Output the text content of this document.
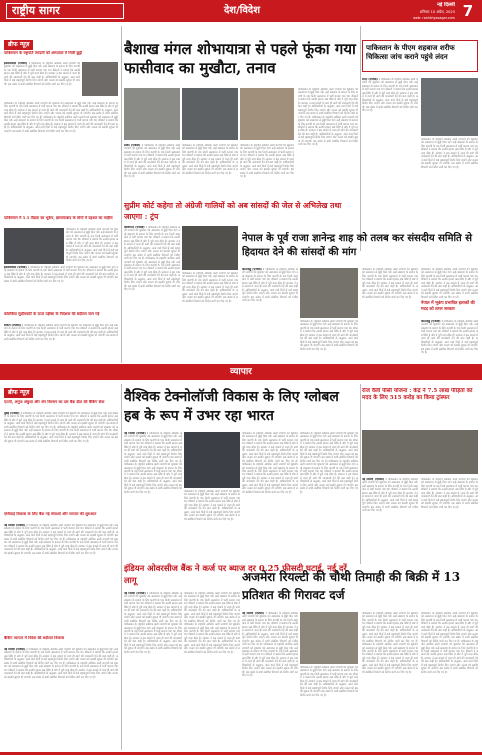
राष्ट्रीय सागर	देश/विदेश	नई दिल्ली
शनिवार 10 अप्रैल, 2025
web: rashtriyasagar.com 7
ब्रीफ न्यूज़
पाकिस्तान के राष्ट्रपति जरदारी को अस्पताल में मिली छुट्टी
इस्लामाबाद (एजेंसी) : पाकिस्तान के राष्ट्रपति आसिफ अली जरदारी को शुक्रवार को अस्पताल से छुट्टी मिल गई। उन्हें संक्रमण के इलाज के लिए कराची के एक निजी अस्पताल में भर्ती कराया गया था। डॉक्टरों ने बताया कि उनकी हालत अब स्थिर है और वे पूरी तरह ठीक हैं। सरकार ने इस मामले में जल्द ही आगे की जानकारी देने की बात कही है। अधिकारियों के अनुसार, आने वाले दिनों में कई महत्वपूर्ण निर्णय लिए जाएंगे और जनता को इसकी सूचना दी जाएगी। इस संबंध में सभी संबंधित विभागों को निर्देश जारी कर दिए गए हैं।
पाकिस्तान के राष्ट्रपति आसिफ अली जरदारी को शुक्रवार को अस्पताल से छुट्टी मिल गई। उन्हें संक्रमण के इलाज के लिए कराची के एक निजी अस्पताल में भर्ती कराया गया था। डॉक्टरों ने बताया कि उनकी हालत अब स्थिर है और वे पूरी तरह ठीक हैं। सरकार ने इस मामले में जल्द ही आगे की जानकारी देने की बात कही है। अधिकारियों के अनुसार, आने वाले दिनों में कई महत्वपूर्ण निर्णय लिए जाएंगे और जनता को इसकी सूचना दी जाएगी। इस संबंध में सभी संबंधित विभागों को निर्देश जारी कर दिए गए हैं। पाकिस्तान के राष्ट्रपति आसिफ अली जरदारी को शुक्रवार को अस्पताल से छुट्टी मिल गई। उन्हें संक्रमण के इलाज के लिए कराची के एक निजी अस्पताल में भर्ती कराया गया था। डॉक्टरों ने बताया कि उनकी हालत अब स्थिर है और वे पूरी तरह ठीक हैं। सरकार ने इस मामले में जल्द ही आगे की जानकारी देने की बात कही है। अधिकारियों के अनुसार, आने वाले दिनों में कई महत्वपूर्ण निर्णय लिए जाएंगे और जनता को इसकी सूचना दी जाएगी। इस संबंध में सभी संबंधित विभागों को निर्देश जारी कर दिए गए हैं।
पाकिस्तान में 5.5 तीव्रता का भूकंप, इस्लामाबाद के लोगों में दहशत का माहौल
पाकिस्तान के राष्ट्रपति आसिफ अली जरदारी को शुक्रवार को अस्पताल से छुट्टी मिल गई। उन्हें संक्रमण के इलाज के लिए कराची के एक निजी अस्पताल में भर्ती कराया गया था। डॉक्टरों ने बताया कि उनकी हालत अब स्थिर है और वे पूरी तरह ठीक हैं। सरकार ने इस मामले में जल्द ही आगे की जानकारी देने की बात कही है। अधिकारियों के अनुसार, आने वाले दिनों में कई महत्वपूर्ण निर्णय लिए जाएंगे और जनता को इसकी सूचना दी जाएगी। इस संबंध में सभी संबंधित विभागों को निर्देश जारी कर दिए गए हैं।
इस्लामाबाद (एजेंसी) : पाकिस्तान के राष्ट्रपति आसिफ अली जरदारी को शुक्रवार को अस्पताल से छुट्टी मिल गई। उन्हें संक्रमण के इलाज के लिए कराची के एक निजी अस्पताल में भर्ती कराया गया था। डॉक्टरों ने बताया कि उनकी हालत अब स्थिर है और वे पूरी तरह ठीक हैं। सरकार ने इस मामले में जल्द ही आगे की जानकारी देने की बात कही है। अधिकारियों के अनुसार, आने वाले दिनों में कई महत्वपूर्ण निर्णय लिए जाएंगे और जनता को इसकी सूचना दी जाएगी। इस संबंध में सभी संबंधित विभागों को निर्देश जारी कर दिए गए हैं।
कोलंबिया सुप्रीमकोर्ट के ऊपर उड़ीसा के निदेशक की बदौलत जान गई
बगोटा (एजेंसी) : पाकिस्तान के राष्ट्रपति आसिफ अली जरदारी को शुक्रवार को अस्पताल से छुट्टी मिल गई। उन्हें संक्रमण के इलाज के लिए कराची के एक निजी अस्पताल में भर्ती कराया गया था। डॉक्टरों ने बताया कि उनकी हालत अब स्थिर है और वे पूरी तरह ठीक हैं। सरकार ने इस मामले में जल्द ही आगे की जानकारी देने की बात कही है। अधिकारियों के अनुसार, आने वाले दिनों में कई महत्वपूर्ण निर्णय लिए जाएंगे और जनता को इसकी सूचना दी जाएगी। इस संबंध में सभी संबंधित विभागों को निर्देश जारी कर दिए गए हैं।
बैशाख मंगल शोभायात्रा से पहले फूंका गया फासीवाद का मुखौटा, तनाव
ढाका (एजेंसी) : पाकिस्तान के राष्ट्रपति आसिफ अली जरदारी को शुक्रवार को अस्पताल से छुट्टी मिल गई। उन्हें संक्रमण के इलाज के लिए कराची के एक निजी अस्पताल में भर्ती कराया गया था। डॉक्टरों ने बताया कि उनकी हालत अब स्थिर है और वे पूरी तरह ठीक हैं। सरकार ने इस मामले में जल्द ही आगे की जानकारी देने की बात कही है। अधिकारियों के अनुसार, आने वाले दिनों में कई महत्वपूर्ण निर्णय लिए जाएंगे और जनता को इसकी सूचना दी जाएगी। इस संबंध में सभी संबंधित विभागों को निर्देश जारी कर दिए गए हैं।
पाकिस्तान के राष्ट्रपति आसिफ अली जरदारी को शुक्रवार को अस्पताल से छुट्टी मिल गई। उन्हें संक्रमण के इलाज के लिए कराची के एक निजी अस्पताल में भर्ती कराया गया था। डॉक्टरों ने बताया कि उनकी हालत अब स्थिर है और वे पूरी तरह ठीक हैं। सरकार ने इस मामले में जल्द ही आगे की जानकारी देने की बात कही है। अधिकारियों के अनुसार, आने वाले दिनों में कई महत्वपूर्ण निर्णय लिए जाएंगे और जनता को इसकी सूचना दी जाएगी। इस संबंध में सभी संबंधित विभागों को निर्देश जारी कर दिए गए हैं।
पाकिस्तान के राष्ट्रपति आसिफ अली जरदारी को शुक्रवार को अस्पताल से छुट्टी मिल गई। उन्हें संक्रमण के इलाज के लिए कराची के एक निजी अस्पताल में भर्ती कराया गया था। डॉक्टरों ने बताया कि उनकी हालत अब स्थिर है और वे पूरी तरह ठीक हैं। सरकार ने इस मामले में जल्द ही आगे की जानकारी देने की बात कही है। अधिकारियों के अनुसार, आने वाले दिनों में कई महत्वपूर्ण निर्णय लिए जाएंगे और जनता को इसकी सूचना दी जाएगी। इस संबंध में सभी संबंधित विभागों को निर्देश जारी कर दिए गए हैं।
पाकिस्तान के राष्ट्रपति आसिफ अली जरदारी को शुक्रवार को अस्पताल से छुट्टी मिल गई। उन्हें संक्रमण के इलाज के लिए कराची के एक निजी अस्पताल में भर्ती कराया गया था। डॉक्टरों ने बताया कि उनकी हालत अब स्थिर है और वे पूरी तरह ठीक हैं। सरकार ने इस मामले में जल्द ही आगे की जानकारी देने की बात कही है। अधिकारियों के अनुसार, आने वाले दिनों में कई महत्वपूर्ण निर्णय लिए जाएंगे और जनता को इसकी सूचना दी जाएगी। इस संबंध में सभी संबंधित विभागों को निर्देश जारी कर दिए गए हैं। पाकिस्तान के राष्ट्रपति आसिफ अली जरदारी को शुक्रवार को अस्पताल से छुट्टी मिल गई। उन्हें संक्रमण के इलाज के लिए कराची के एक निजी अस्पताल में भर्ती कराया गया था। डॉक्टरों ने बताया कि उनकी हालत अब स्थिर है और वे पूरी तरह ठीक हैं। सरकार ने इस मामले में जल्द ही आगे की जानकारी देने की बात कही है। अधिकारियों के अनुसार, आने वाले दिनों में कई महत्वपूर्ण निर्णय लिए जाएंगे और जनता को इसकी सूचना दी जाएगी। इस संबंध में सभी संबंधित विभागों को निर्देश जारी कर दिए गए हैं।
पाकिस्तान के पीएम शहबाज शरीफ चिकित्सा जांच कराने पहुंचे लंदन
लंदन (एजेंसी) : पाकिस्तान के राष्ट्रपति आसिफ अली जरदारी को शुक्रवार को अस्पताल से छुट्टी मिल गई। उन्हें संक्रमण के इलाज के लिए कराची के एक निजी अस्पताल में भर्ती कराया गया था। डॉक्टरों ने बताया कि उनकी हालत अब स्थिर है और वे पूरी तरह ठीक हैं। सरकार ने इस मामले में जल्द ही आगे की जानकारी देने की बात कही है। अधिकारियों के अनुसार, आने वाले दिनों में कई महत्वपूर्ण निर्णय लिए जाएंगे और जनता को इसकी सूचना दी जाएगी। इस संबंध में सभी संबंधित विभागों को निर्देश जारी कर दिए गए हैं।
पाकिस्तान के राष्ट्रपति आसिफ अली जरदारी को शुक्रवार को अस्पताल से छुट्टी मिल गई। उन्हें संक्रमण के इलाज के लिए कराची के एक निजी अस्पताल में भर्ती कराया गया था। डॉक्टरों ने बताया कि उनकी हालत अब स्थिर है और वे पूरी तरह ठीक हैं। सरकार ने इस मामले में जल्द ही आगे की जानकारी देने की बात कही है। अधिकारियों के अनुसार, आने वाले दिनों में कई महत्वपूर्ण निर्णय लिए जाएंगे और जनता को इसकी सूचना दी जाएगी। इस संबंध में सभी संबंधित विभागों को निर्देश जारी कर दिए गए हैं।
सुप्रीम कोर्ट कहेगा तो अंग्रेजी गालियों को अब सांसदों की जेल से अभिलेख तथा जाएगा : ट्रंप
वाशिंगटन (एजेंसी) : पाकिस्तान के राष्ट्रपति आसिफ अली जरदारी को शुक्रवार को अस्पताल से छुट्टी मिल गई। उन्हें संक्रमण के इलाज के लिए कराची के एक निजी अस्पताल में भर्ती कराया गया था। डॉक्टरों ने बताया कि उनकी हालत अब स्थिर है और वे पूरी तरह ठीक हैं। सरकार ने इस मामले में जल्द ही आगे की जानकारी देने की बात कही है। अधिकारियों के अनुसार, आने वाले दिनों में कई महत्वपूर्ण निर्णय लिए जाएंगे और जनता को इसकी सूचना दी जाएगी। इस संबंध में सभी संबंधित विभागों को निर्देश जारी कर दिए गए हैं। पाकिस्तान के राष्ट्रपति आसिफ अली जरदारी को शुक्रवार को अस्पताल से छुट्टी मिल गई। उन्हें संक्रमण के इलाज के लिए कराची के एक निजी अस्पताल में भर्ती कराया गया था। डॉक्टरों ने बताया कि उनकी हालत अब स्थिर है और वे पूरी तरह ठीक हैं। सरकार ने इस मामले में जल्द ही आगे की जानकारी देने की बात कही है। अधिकारियों के अनुसार, आने वाले दिनों में कई महत्वपूर्ण निर्णय लिए जाएंगे और जनता को इसकी सूचना दी जाएगी। इस संबंध में सभी संबंधित विभागों को निर्देश जारी कर दिए गए हैं।
पाकिस्तान के राष्ट्रपति आसिफ अली जरदारी को शुक्रवार को अस्पताल से छुट्टी मिल गई। उन्हें संक्रमण के इलाज के लिए कराची के एक निजी अस्पताल में भर्ती कराया गया था। डॉक्टरों ने बताया कि उनकी हालत अब स्थिर है और वे पूरी तरह ठीक हैं। सरकार ने इस मामले में जल्द ही आगे की जानकारी देने की बात कही है। अधिकारियों के अनुसार, आने वाले दिनों में कई महत्वपूर्ण निर्णय लिए जाएंगे और जनता को इसकी सूचना दी जाएगी। इस संबंध में सभी संबंधित विभागों को निर्देश जारी कर दिए गए हैं।
नेपाल के पूर्व राजा ज्ञानेन्द्र शाह को तलब कर संसदीय समिति से हिदायत देने की सांसदों की मांग
काठमांडू (एजेंसी) : पाकिस्तान के राष्ट्रपति आसिफ अली जरदारी को शुक्रवार को अस्पताल से छुट्टी मिल गई। उन्हें संक्रमण के इलाज के लिए कराची के एक निजी अस्पताल में भर्ती कराया गया था। डॉक्टरों ने बताया कि उनकी हालत अब स्थिर है और वे पूरी तरह ठीक हैं। सरकार ने इस मामले में जल्द ही आगे की जानकारी देने की बात कही है। अधिकारियों के अनुसार, आने वाले दिनों में कई महत्वपूर्ण निर्णय लिए जाएंगे और जनता को इसकी सूचना दी जाएगी। इस संबंध में सभी संबंधित विभागों को निर्देश जारी कर दिए गए हैं।
पाकिस्तान के राष्ट्रपति आसिफ अली जरदारी को शुक्रवार को अस्पताल से छुट्टी मिल गई। उन्हें संक्रमण के इलाज के लिए कराची के एक निजी अस्पताल में भर्ती कराया गया था। डॉक्टरों ने बताया कि उनकी हालत अब स्थिर है और वे पूरी तरह ठीक हैं। सरकार ने इस मामले में जल्द ही आगे की जानकारी देने की बात कही है। अधिकारियों के अनुसार, आने वाले दिनों में कई महत्वपूर्ण निर्णय लिए जाएंगे और जनता को इसकी सूचना दी जाएगी। इस संबंध में सभी संबंधित विभागों को निर्देश जारी कर दिए गए हैं।
पाकिस्तान के राष्ट्रपति आसिफ अली जरदारी को शुक्रवार को अस्पताल से छुट्टी मिल गई। उन्हें संक्रमण के इलाज के लिए कराची के एक निजी अस्पताल में भर्ती कराया गया था। डॉक्टरों ने बताया कि उनकी हालत अब स्थिर है और वे पूरी तरह ठीक हैं। सरकार ने इस मामले में जल्द ही आगे की जानकारी देने की बात कही है। अधिकारियों के अनुसार, आने वाले दिनों में कई महत्वपूर्ण निर्णय लिए जाएंगे और जनता को इसकी सूचना दी जाएगी। इस संबंध में सभी संबंधित विभागों को निर्देश जारी कर दिए गए हैं।
पाकिस्तान के राष्ट्रपति आसिफ अली जरदारी को शुक्रवार को अस्पताल से छुट्टी मिल गई। उन्हें संक्रमण के इलाज के लिए कराची के एक निजी अस्पताल में भर्ती कराया गया था। डॉक्टरों ने बताया कि उनकी हालत अब स्थिर है और वे पूरी तरह ठीक हैं। सरकार ने इस मामले में जल्द ही आगे की जानकारी देने की बात कही है। अधिकारियों के अनुसार, आने वाले दिनों में कई महत्वपूर्ण निर्णय लिए जाएंगे और जनता को इसकी सूचना दी जाएगी। इस संबंध में सभी संबंधित विभागों को निर्देश जारी कर दिए गए हैं।
नेपाल में भूकंप प्रभावित इलाकों की मदद को तत्पर सरकार
काठमांडू (एजेंसी) : पाकिस्तान के राष्ट्रपति आसिफ अली जरदारी को शुक्रवार को अस्पताल से छुट्टी मिल गई। उन्हें संक्रमण के इलाज के लिए कराची के एक निजी अस्पताल में भर्ती कराया गया था। डॉक्टरों ने बताया कि उनकी हालत अब स्थिर है और वे पूरी तरह ठीक हैं। सरकार ने इस मामले में जल्द ही आगे की जानकारी देने की बात कही है। अधिकारियों के अनुसार, आने वाले दिनों में कई महत्वपूर्ण निर्णय लिए जाएंगे और जनता को इसकी सूचना दी जाएगी। इस संबंध में सभी संबंधित विभागों को निर्देश जारी कर दिए गए हैं।
व्यापार
ब्रीफ न्यूज़
एटली, अनुज अंबुजा और शेन विल्सन का दस बैंक डील की बैंकिंग सेवा
मुंबई (एजेंसी) : पाकिस्तान के राष्ट्रपति आसिफ अली जरदारी को शुक्रवार को अस्पताल से छुट्टी मिल गई। उन्हें संक्रमण के इलाज के लिए कराची के एक निजी अस्पताल में भर्ती कराया गया था। डॉक्टरों ने बताया कि उनकी हालत अब स्थिर है और वे पूरी तरह ठीक हैं। सरकार ने इस मामले में जल्द ही आगे की जानकारी देने की बात कही है। अधिकारियों के अनुसार, आने वाले दिनों में कई महत्वपूर्ण निर्णय लिए जाएंगे और जनता को इसकी सूचना दी जाएगी। इस संबंध में सभी संबंधित विभागों को निर्देश जारी कर दिए गए हैं। पाकिस्तान के राष्ट्रपति आसिफ अली जरदारी को शुक्रवार को अस्पताल से छुट्टी मिल गई। उन्हें संक्रमण के इलाज के लिए कराची के एक निजी अस्पताल में भर्ती कराया गया था। डॉक्टरों ने बताया कि उनकी हालत अब स्थिर है और वे पूरी तरह ठीक हैं। सरकार ने इस मामले में जल्द ही आगे की जानकारी देने की बात कही है। अधिकारियों के अनुसार, आने वाले दिनों में कई महत्वपूर्ण निर्णय लिए जाएंगे और जनता को इसकी सूचना दी जाएगी। इस संबंध में सभी संबंधित विभागों को निर्देश जारी कर दिए गए हैं।
एशियाई विकास के लिए बैंक नई सेवाओं और व्यापार की शुरुआत
नई दिल्ली (एजेंसी) : पाकिस्तान के राष्ट्रपति आसिफ अली जरदारी को शुक्रवार को अस्पताल से छुट्टी मिल गई। उन्हें संक्रमण के इलाज के लिए कराची के एक निजी अस्पताल में भर्ती कराया गया था। डॉक्टरों ने बताया कि उनकी हालत अब स्थिर है और वे पूरी तरह ठीक हैं। सरकार ने इस मामले में जल्द ही आगे की जानकारी देने की बात कही है। अधिकारियों के अनुसार, आने वाले दिनों में कई महत्वपूर्ण निर्णय लिए जाएंगे और जनता को इसकी सूचना दी जाएगी। इस संबंध में सभी संबंधित विभागों को निर्देश जारी कर दिए गए हैं। पाकिस्तान के राष्ट्रपति आसिफ अली जरदारी को शुक्रवार को अस्पताल से छुट्टी मिल गई। उन्हें संक्रमण के इलाज के लिए कराची के एक निजी अस्पताल में भर्ती कराया गया था। डॉक्टरों ने बताया कि उनकी हालत अब स्थिर है और वे पूरी तरह ठीक हैं। सरकार ने इस मामले में जल्द ही आगे की जानकारी देने की बात कही है। अधिकारियों के अनुसार, आने वाले दिनों में कई महत्वपूर्ण निर्णय लिए जाएंगे और जनता को इसकी सूचना दी जाएगी। इस संबंध में सभी संबंधित विभागों को निर्देश जारी कर दिए गए हैं।
बैंकिंग व्यापार में विदेश की बदौलत विकास
नई दिल्ली (एजेंसी) : पाकिस्तान के राष्ट्रपति आसिफ अली जरदारी को शुक्रवार को अस्पताल से छुट्टी मिल गई। उन्हें संक्रमण के इलाज के लिए कराची के एक निजी अस्पताल में भर्ती कराया गया था। डॉक्टरों ने बताया कि उनकी हालत अब स्थिर है और वे पूरी तरह ठीक हैं। सरकार ने इस मामले में जल्द ही आगे की जानकारी देने की बात कही है। अधिकारियों के अनुसार, आने वाले दिनों में कई महत्वपूर्ण निर्णय लिए जाएंगे और जनता को इसकी सूचना दी जाएगी। इस संबंध में सभी संबंधित विभागों को निर्देश जारी कर दिए गए हैं। पाकिस्तान के राष्ट्रपति आसिफ अली जरदारी को शुक्रवार को अस्पताल से छुट्टी मिल गई। उन्हें संक्रमण के इलाज के लिए कराची के एक निजी अस्पताल में भर्ती कराया गया था। डॉक्टरों ने बताया कि उनकी हालत अब स्थिर है और वे पूरी तरह ठीक हैं। सरकार ने इस मामले में जल्द ही आगे की जानकारी देने की बात कही है। अधिकारियों के अनुसार, आने वाले दिनों में कई महत्वपूर्ण निर्णय लिए जाएंगे और जनता को इसकी सूचना दी जाएगी। इस संबंध में सभी संबंधित विभागों को निर्देश जारी कर दिए गए हैं।
वैश्विक टेक्नोलॉजी विकास के लिए ग्लोबल हब के रूप में उभर रहा भारत
नई दिल्ली (एजेंसी) : पाकिस्तान के राष्ट्रपति आसिफ अली जरदारी को शुक्रवार को अस्पताल से छुट्टी मिल गई। उन्हें संक्रमण के इलाज के लिए कराची के एक निजी अस्पताल में भर्ती कराया गया था। डॉक्टरों ने बताया कि उनकी हालत अब स्थिर है और वे पूरी तरह ठीक हैं। सरकार ने इस मामले में जल्द ही आगे की जानकारी देने की बात कही है। अधिकारियों के अनुसार, आने वाले दिनों में कई महत्वपूर्ण निर्णय लिए जाएंगे और जनता को इसकी सूचना दी जाएगी। इस संबंध में सभी संबंधित विभागों को निर्देश जारी कर दिए गए हैं। पाकिस्तान के राष्ट्रपति आसिफ अली जरदारी को शुक्रवार को अस्पताल से छुट्टी मिल गई। उन्हें संक्रमण के इलाज के लिए कराची के एक निजी अस्पताल में भर्ती कराया गया था। डॉक्टरों ने बताया कि उनकी हालत अब स्थिर है और वे पूरी तरह ठीक हैं। सरकार ने इस मामले में जल्द ही आगे की जानकारी देने की बात कही है। अधिकारियों के अनुसार, आने वाले दिनों में कई महत्वपूर्ण निर्णय लिए जाएंगे और जनता को इसकी सूचना दी जाएगी। इस संबंध में सभी संबंधित विभागों को निर्देश जारी कर दिए गए हैं।	पाकिस्तान के राष्ट्रपति आसिफ अली जरदारी को शुक्रवार को अस्पताल से छुट्टी मिल गई। उन्हें संक्रमण के इलाज के लिए कराची के एक निजी अस्पताल में भर्ती कराया गया था। डॉक्टरों ने बताया कि उनकी हालत अब स्थिर है और वे पूरी तरह ठीक हैं। सरकार ने इस मामले में जल्द ही आगे की जानकारी देने की बात कही है। अधिकारियों के अनुसार, आने वाले दिनों में कई महत्वपूर्ण निर्णय लिए जाएंगे और जनता को इसकी सूचना दी जाएगी। इस संबंध में सभी संबंधित विभागों को निर्देश जारी कर दिए गए हैं।
पाकिस्तान के राष्ट्रपति आसिफ अली जरदारी को शुक्रवार को अस्पताल से छुट्टी मिल गई। उन्हें संक्रमण के इलाज के लिए कराची के एक निजी अस्पताल में भर्ती कराया गया था। डॉक्टरों ने बताया कि उनकी हालत अब स्थिर है और वे पूरी तरह ठीक हैं। सरकार ने इस मामले में जल्द ही आगे की जानकारी देने की बात कही है। अधिकारियों के अनुसार, आने वाले दिनों में कई महत्वपूर्ण निर्णय लिए जाएंगे और जनता को इसकी सूचना दी जाएगी। इस संबंध में सभी संबंधित विभागों को निर्देश जारी कर दिए गए हैं। पाकिस्तान के राष्ट्रपति आसिफ अली जरदारी को शुक्रवार को अस्पताल से छुट्टी मिल गई। उन्हें संक्रमण के इलाज के लिए कराची के एक निजी अस्पताल में भर्ती कराया गया था। डॉक्टरों ने बताया कि उनकी हालत अब स्थिर है और वे पूरी तरह ठीक हैं। सरकार ने इस मामले में जल्द ही आगे की जानकारी देने की बात कही है। अधिकारियों के अनुसार, आने वाले दिनों में कई महत्वपूर्ण निर्णय लिए जाएंगे और जनता को इसकी सूचना दी जाएगी। इस संबंध में सभी संबंधित विभागों को निर्देश जारी कर दिए गए हैं।
पाकिस्तान के राष्ट्रपति आसिफ अली जरदारी को शुक्रवार को अस्पताल से छुट्टी मिल गई। उन्हें संक्रमण के इलाज के लिए कराची के एक निजी अस्पताल में भर्ती कराया गया था। डॉक्टरों ने बताया कि उनकी हालत अब स्थिर है और वे पूरी तरह ठीक हैं। सरकार ने इस मामले में जल्द ही आगे की जानकारी देने की बात कही है। अधिकारियों के अनुसार, आने वाले दिनों में कई महत्वपूर्ण निर्णय लिए जाएंगे और जनता को इसकी सूचना दी जाएगी। इस संबंध में सभी संबंधित विभागों को निर्देश जारी कर दिए गए हैं। पाकिस्तान के राष्ट्रपति आसिफ अली जरदारी को शुक्रवार को अस्पताल से छुट्टी मिल गई। उन्हें संक्रमण के इलाज के लिए कराची के एक निजी अस्पताल में भर्ती कराया गया था। डॉक्टरों ने बताया कि उनकी हालत अब स्थिर है और वे पूरी तरह ठीक हैं। सरकार ने इस मामले में जल्द ही आगे की जानकारी देने की बात कही है। अधिकारियों के अनुसार, आने वाले दिनों में कई महत्वपूर्ण निर्णय लिए जाएंगे और जनता को इसकी सूचना दी जाएगी। इस संबंध में सभी संबंधित विभागों को निर्देश जारी कर दिए गए हैं।
इंडियन ओवरसीज बैंक ने कर्ज पर ब्याज दर 0.25 फीसदी घटाई, नई दरें लागू
नई दिल्ली (एजेंसी) : पाकिस्तान के राष्ट्रपति आसिफ अली जरदारी को शुक्रवार को अस्पताल से छुट्टी मिल गई। उन्हें संक्रमण के इलाज के लिए कराची के एक निजी अस्पताल में भर्ती कराया गया था। डॉक्टरों ने बताया कि उनकी हालत अब स्थिर है और वे पूरी तरह ठीक हैं। सरकार ने इस मामले में जल्द ही आगे की जानकारी देने की बात कही है। अधिकारियों के अनुसार, आने वाले दिनों में कई महत्वपूर्ण निर्णय लिए जाएंगे और जनता को इसकी सूचना दी जाएगी। इस संबंध में सभी संबंधित विभागों को निर्देश जारी कर दिए गए हैं। पाकिस्तान के राष्ट्रपति आसिफ अली जरदारी को शुक्रवार को अस्पताल से छुट्टी मिल गई। उन्हें संक्रमण के इलाज के लिए कराची के एक निजी अस्पताल में भर्ती कराया गया था। डॉक्टरों ने बताया कि उनकी हालत अब स्थिर है और वे पूरी तरह ठीक हैं। सरकार ने इस मामले में जल्द ही आगे की जानकारी देने की बात कही है। अधिकारियों के अनुसार, आने वाले दिनों में कई महत्वपूर्ण निर्णय लिए जाएंगे और जनता को इसकी सूचना दी जाएगी। इस संबंध में सभी संबंधित विभागों को निर्देश जारी कर दिए गए हैं।
पाकिस्तान के राष्ट्रपति आसिफ अली जरदारी को शुक्रवार को अस्पताल से छुट्टी मिल गई। उन्हें संक्रमण के इलाज के लिए कराची के एक निजी अस्पताल में भर्ती कराया गया था। डॉक्टरों ने बताया कि उनकी हालत अब स्थिर है और वे पूरी तरह ठीक हैं। सरकार ने इस मामले में जल्द ही आगे की जानकारी देने की बात कही है। अधिकारियों के अनुसार, आने वाले दिनों में कई महत्वपूर्ण निर्णय लिए जाएंगे और जनता को इसकी सूचना दी जाएगी। इस संबंध में सभी संबंधित विभागों को निर्देश जारी कर दिए गए हैं। पाकिस्तान के राष्ट्रपति आसिफ अली जरदारी को शुक्रवार को अस्पताल से छुट्टी मिल गई। उन्हें संक्रमण के इलाज के लिए कराची के एक निजी अस्पताल में भर्ती कराया गया था। डॉक्टरों ने बताया कि उनकी हालत अब स्थिर है और वे पूरी तरह ठीक हैं। सरकार ने इस मामले में जल्द ही आगे की जानकारी देने की बात कही है। अधिकारियों के अनुसार, आने वाले दिनों में कई महत्वपूर्ण निर्णय लिए जाएंगे और जनता को इसकी सूचना दी जाएगी। इस संबंध में सभी संबंधित विभागों को निर्देश जारी कर दिए गए हैं।
रोज वैली पीसी योजना : केंद्र ने 7.5 लाख पीड़ितों को मदद के लिए 515 करोड़ का किया ट्रांस्फर
नई दिल्ली (एजेंसी) : पाकिस्तान के राष्ट्रपति आसिफ अली जरदारी को शुक्रवार को अस्पताल से छुट्टी मिल गई। उन्हें संक्रमण के इलाज के लिए कराची के एक निजी अस्पताल में भर्ती कराया गया था। डॉक्टरों ने बताया कि उनकी हालत अब स्थिर है और वे पूरी तरह ठीक हैं। सरकार ने इस मामले में जल्द ही आगे की जानकारी देने की बात कही है। अधिकारियों के अनुसार, आने वाले दिनों में कई महत्वपूर्ण निर्णय लिए जाएंगे और जनता को इसकी सूचना दी जाएगी। इस संबंध में सभी संबंधित विभागों को निर्देश जारी कर दिए गए हैं।
पाकिस्तान के राष्ट्रपति आसिफ अली जरदारी को शुक्रवार को अस्पताल से छुट्टी मिल गई। उन्हें संक्रमण के इलाज के लिए कराची के एक निजी अस्पताल में भर्ती कराया गया था। डॉक्टरों ने बताया कि उनकी हालत अब स्थिर है और वे पूरी तरह ठीक हैं। सरकार ने इस मामले में जल्द ही आगे की जानकारी देने की बात कही है। अधिकारियों के अनुसार, आने वाले दिनों में कई महत्वपूर्ण निर्णय लिए जाएंगे और जनता को इसकी सूचना दी जाएगी। इस संबंध में सभी संबंधित विभागों को निर्देश जारी कर दिए गए हैं।
अजमेरा रियल्टी की चौथी तिमाही की बिक्री में 13 प्रतिशत की गिरावट दर्ज
नई दिल्ली (एजेंसी) : पाकिस्तान के राष्ट्रपति आसिफ अली जरदारी को शुक्रवार को अस्पताल से छुट्टी मिल गई। उन्हें संक्रमण के इलाज के लिए कराची के एक निजी अस्पताल में भर्ती कराया गया था। डॉक्टरों ने बताया कि उनकी हालत अब स्थिर है और वे पूरी तरह ठीक हैं। सरकार ने इस मामले में जल्द ही आगे की जानकारी देने की बात कही है। अधिकारियों के अनुसार, आने वाले दिनों में कई महत्वपूर्ण निर्णय लिए जाएंगे और जनता को इसकी सूचना दी जाएगी। इस संबंध में सभी संबंधित विभागों को निर्देश जारी कर दिए गए हैं। पाकिस्तान के राष्ट्रपति आसिफ अली जरदारी को शुक्रवार को अस्पताल से छुट्टी मिल गई। उन्हें संक्रमण के इलाज के लिए कराची के एक निजी अस्पताल में भर्ती कराया गया था। डॉक्टरों ने बताया कि उनकी हालत अब स्थिर है और वे पूरी तरह ठीक हैं। सरकार ने इस मामले में जल्द ही आगे की जानकारी देने की बात कही है। अधिकारियों के अनुसार, आने वाले दिनों में कई महत्वपूर्ण निर्णय लिए जाएंगे और जनता को इसकी सूचना दी जाएगी। इस संबंध में सभी संबंधित विभागों को निर्देश जारी कर दिए गए हैं।
पाकिस्तान के राष्ट्रपति आसिफ अली जरदारी को शुक्रवार को अस्पताल से छुट्टी मिल गई। उन्हें संक्रमण के इलाज के लिए कराची के एक निजी अस्पताल में भर्ती कराया गया था। डॉक्टरों ने बताया कि उनकी हालत अब स्थिर है और वे पूरी तरह ठीक हैं। सरकार ने इस मामले में जल्द ही आगे की जानकारी देने की बात कही है। अधिकारियों के अनुसार, आने वाले दिनों में कई महत्वपूर्ण निर्णय लिए जाएंगे और जनता को इसकी सूचना दी जाएगी। इस संबंध में सभी संबंधित विभागों को निर्देश जारी कर दिए गए हैं।
पाकिस्तान के राष्ट्रपति आसिफ अली जरदारी को शुक्रवार को अस्पताल से छुट्टी मिल गई। उन्हें संक्रमण के इलाज के लिए कराची के एक निजी अस्पताल में भर्ती कराया गया था। डॉक्टरों ने बताया कि उनकी हालत अब स्थिर है और वे पूरी तरह ठीक हैं। सरकार ने इस मामले में जल्द ही आगे की जानकारी देने की बात कही है। अधिकारियों के अनुसार, आने वाले दिनों में कई महत्वपूर्ण निर्णय लिए जाएंगे और जनता को इसकी सूचना दी जाएगी। इस संबंध में सभी संबंधित विभागों को निर्देश जारी कर दिए गए हैं। पाकिस्तान के राष्ट्रपति आसिफ अली जरदारी को शुक्रवार को अस्पताल से छुट्टी मिल गई। उन्हें संक्रमण के इलाज के लिए कराची के एक निजी अस्पताल में भर्ती कराया गया था। डॉक्टरों ने बताया कि उनकी हालत अब स्थिर है और वे पूरी तरह ठीक हैं। सरकार ने इस मामले में जल्द ही आगे की जानकारी देने की बात कही है। अधिकारियों के अनुसार, आने वाले दिनों में कई महत्वपूर्ण निर्णय लिए जाएंगे और जनता को इसकी सूचना दी जाएगी। इस संबंध में सभी संबंधित विभागों को निर्देश जारी कर दिए गए हैं।
पाकिस्तान के राष्ट्रपति आसिफ अली जरदारी को शुक्रवार को अस्पताल से छुट्टी मिल गई। उन्हें संक्रमण के इलाज के लिए कराची के एक निजी अस्पताल में भर्ती कराया गया था। डॉक्टरों ने बताया कि उनकी हालत अब स्थिर है और वे पूरी तरह ठीक हैं। सरकार ने इस मामले में जल्द ही आगे की जानकारी देने की बात कही है। अधिकारियों के अनुसार, आने वाले दिनों में कई महत्वपूर्ण निर्णय लिए जाएंगे और जनता को इसकी सूचना दी जाएगी। इस संबंध में सभी संबंधित विभागों को निर्देश जारी कर दिए गए हैं। पाकिस्तान के राष्ट्रपति आसिफ अली जरदारी को शुक्रवार को अस्पताल से छुट्टी मिल गई। उन्हें संक्रमण के इलाज के लिए कराची के एक निजी अस्पताल में भर्ती कराया गया था। डॉक्टरों ने बताया कि उनकी हालत अब स्थिर है और वे पूरी तरह ठीक हैं। सरकार ने इस मामले में जल्द ही आगे की जानकारी देने की बात कही है। अधिकारियों के अनुसार, आने वाले दिनों में कई महत्वपूर्ण निर्णय लिए जाएंगे और जनता को इसकी सूचना दी जाएगी। इस संबंध में सभी संबंधित विभागों को निर्देश जारी कर दिए गए हैं।
